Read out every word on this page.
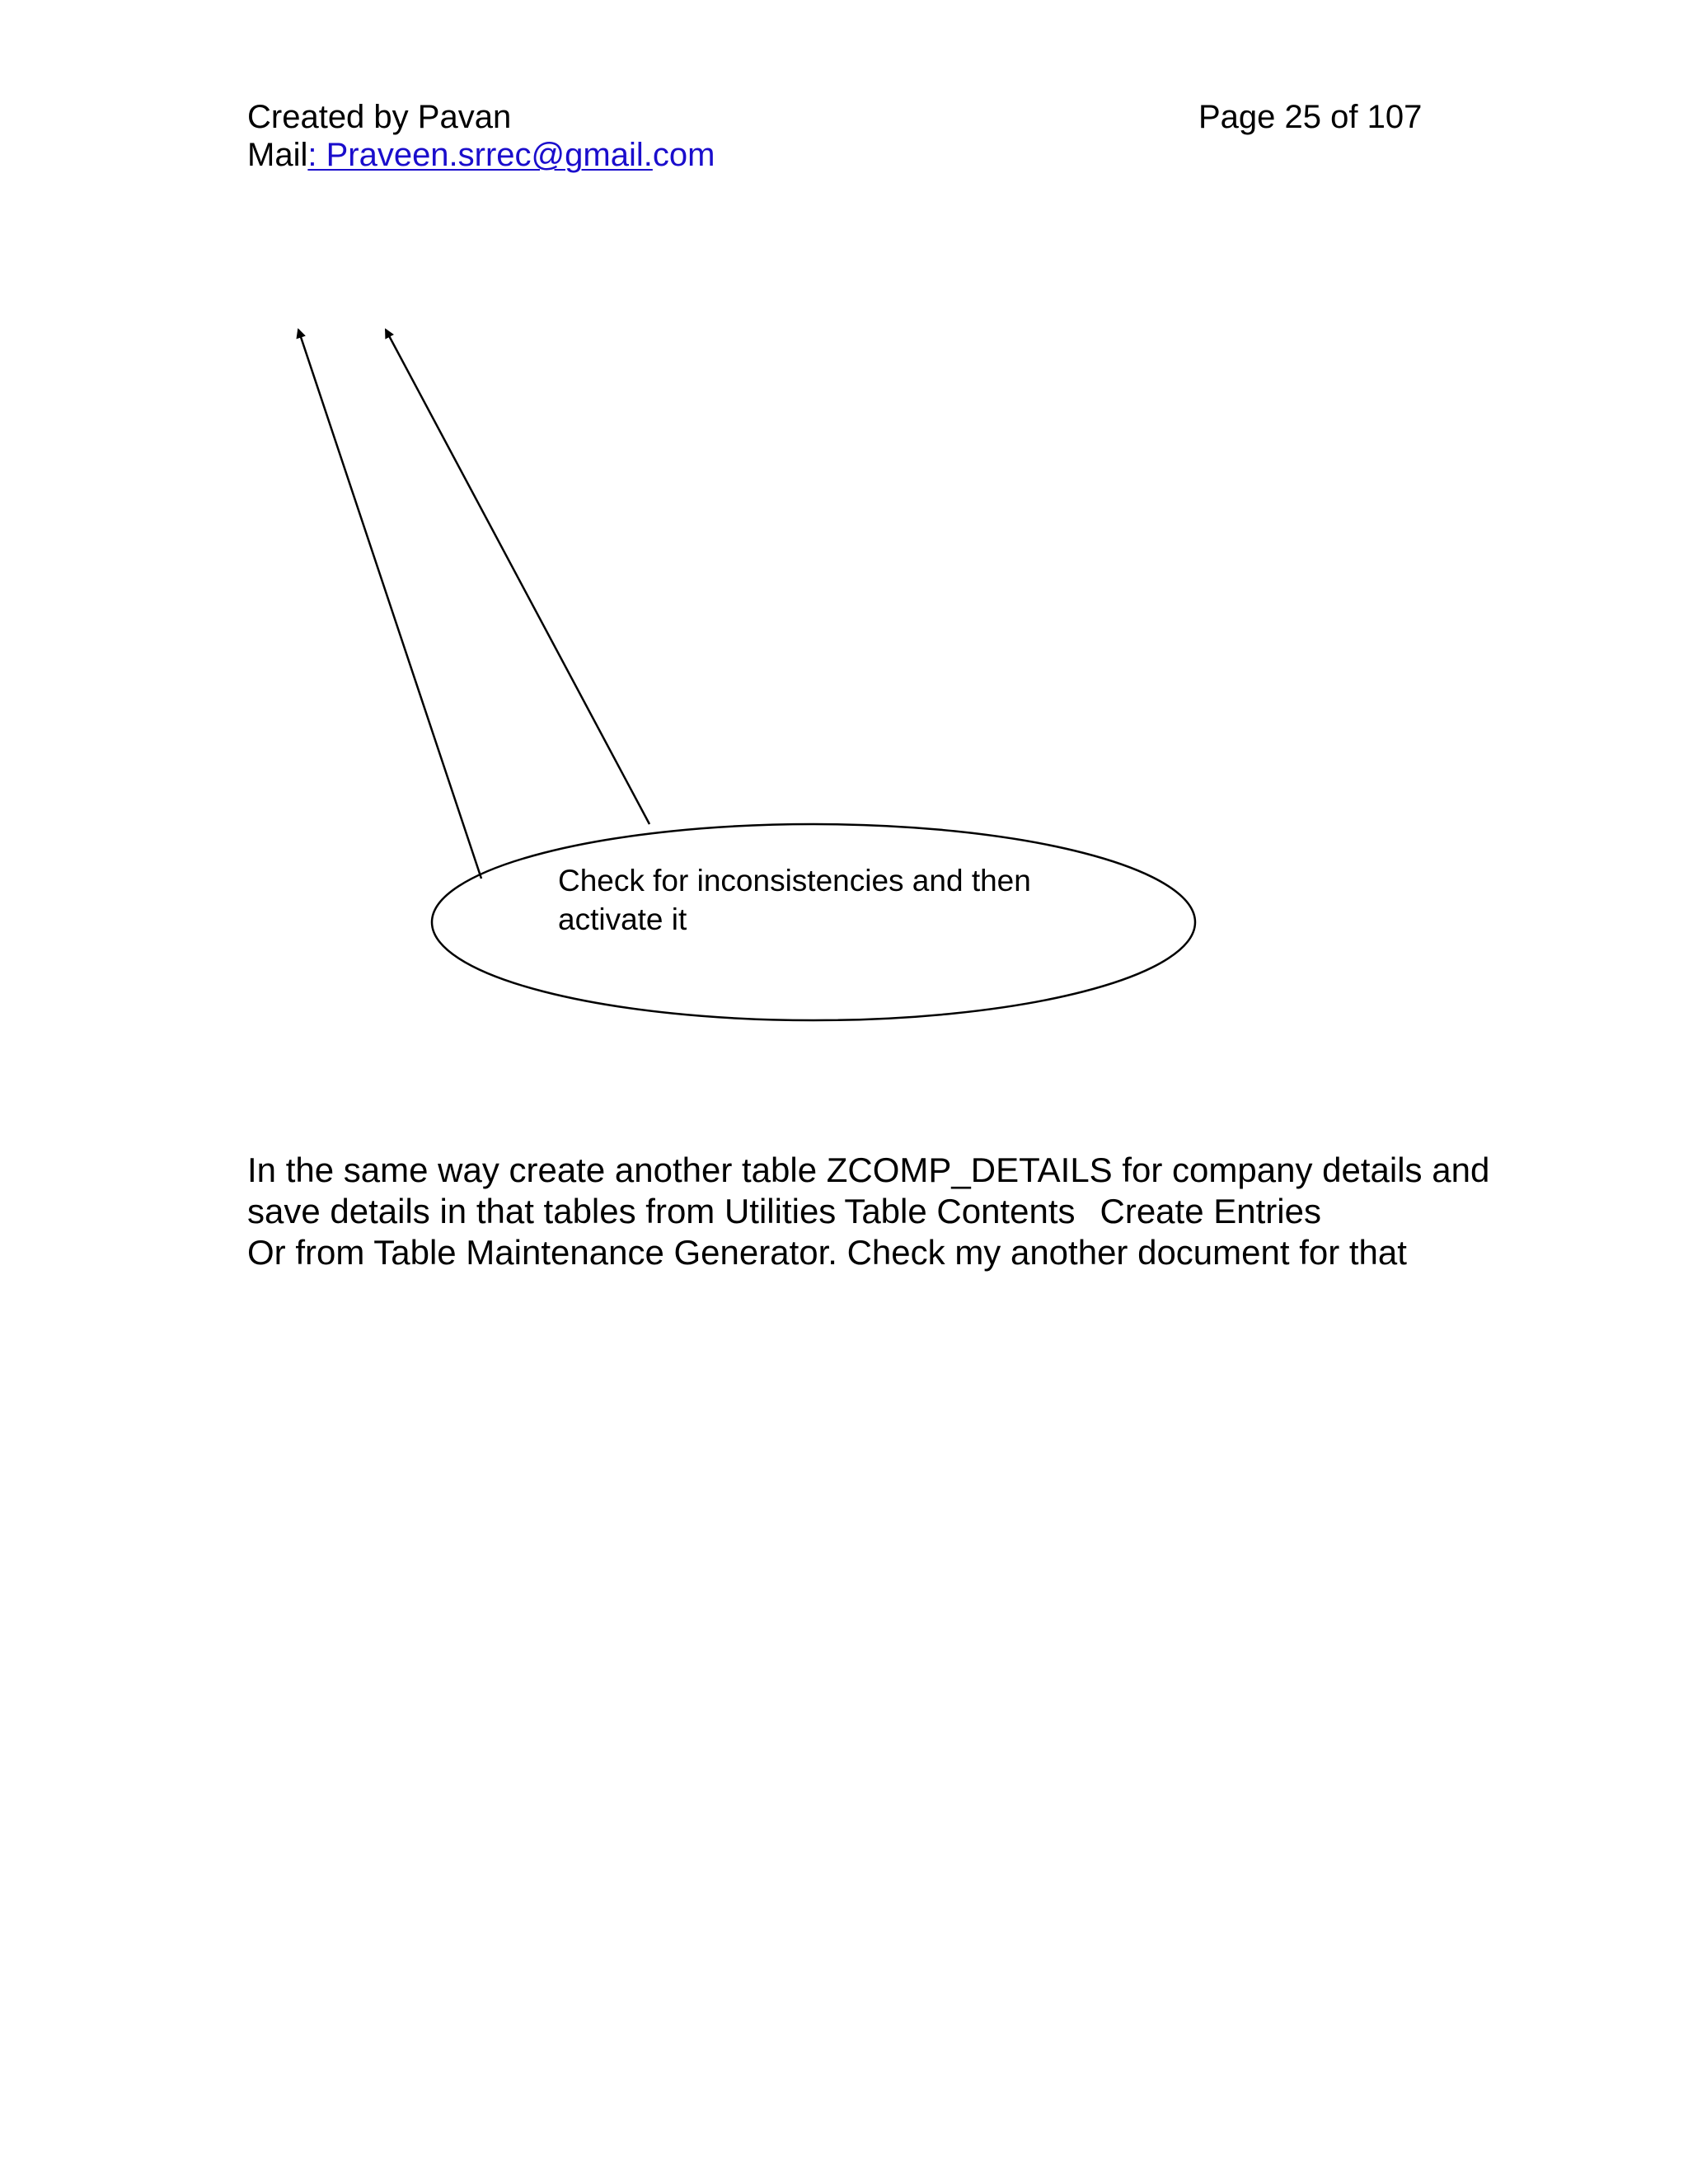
Created by Pavan
Mail: Praveen.srrec@gmail.com
Page 25 of 107
Check for inconsistencies and then
activate it
In the same way create another table ZCOMP_DETAILS for company details and
save details in that tables from Utilities Table Contents Create Entries
Or from Table Maintenance Generator. Check my another document for that
